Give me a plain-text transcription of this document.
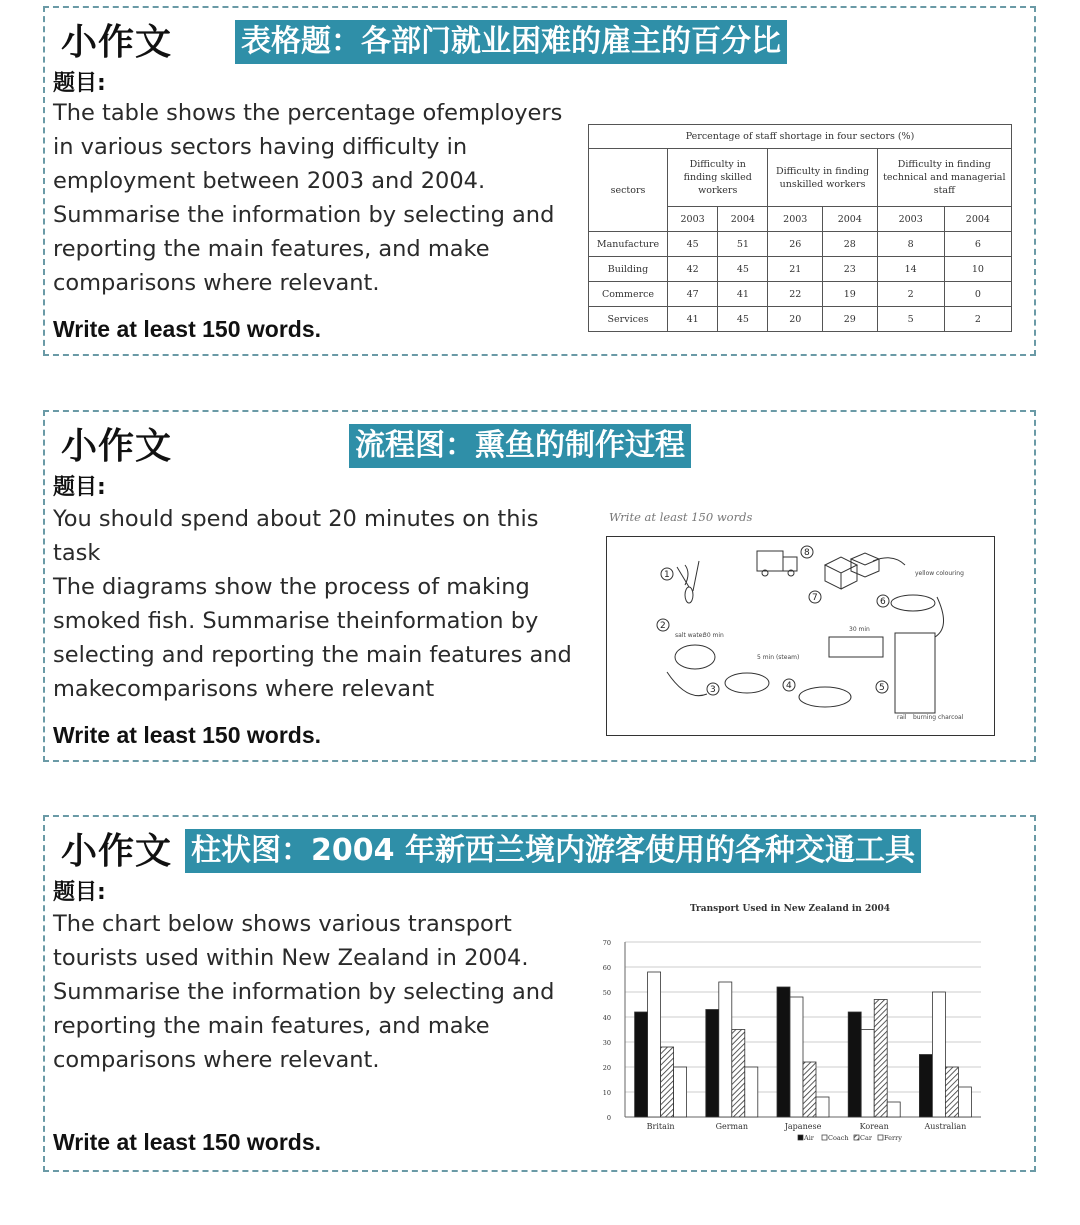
小作文 表格题：各部门就业困难的雇主的百分比
题目:
The table shows the percentage ofemployers
in various sectors having difficulty in
employment between 2003 and 2004.
Summarise the information by selecting and
reporting the main features, and make
comparisons where relevant.
Write at least 150 words.
Percentage of staff shortage in four sectors (%)						
sectors	Difficulty in finding skilled workers		Difficulty in finding unskilled workers		Difficulty in finding technical and managerial staff	
	2003	2004	2003	2004	2003	2004
Manufacture	45	51	26	28	8	6
Building	42	45	21	23	14	10
Commerce	47	41	22	19	2	0
Services	41	45	20	29	5	2
小作文	流程图：熏鱼的制作过程
题目:
You should spend about 20 minutes on this
task
The diagrams show the process of making
smoked fish. Summarise theinformation by
selecting and reporting the main features and
makecomparisons where relevant
Write at least 150 words.
Write at least 150 words
1
8
7
yellow colouring
6
2
salt water
30 min
5 min (steam)
3	4
30 min
5
rail burning charcoal
小作文 柱状图：2004 年新西兰境内游客使用的各种交通工具
题目:
The chart below shows various transport
tourists used within New Zealand in 2004.
Summarise the information by selecting and
reporting the main features, and make
comparisons where relevant.
Write at least 150 words.
Transport Used in New Zealand in 2004
0
10
20
30
40
50
60
70
Britain	German	Japanese	Korean	Australian
Air Coach Car Ferry
